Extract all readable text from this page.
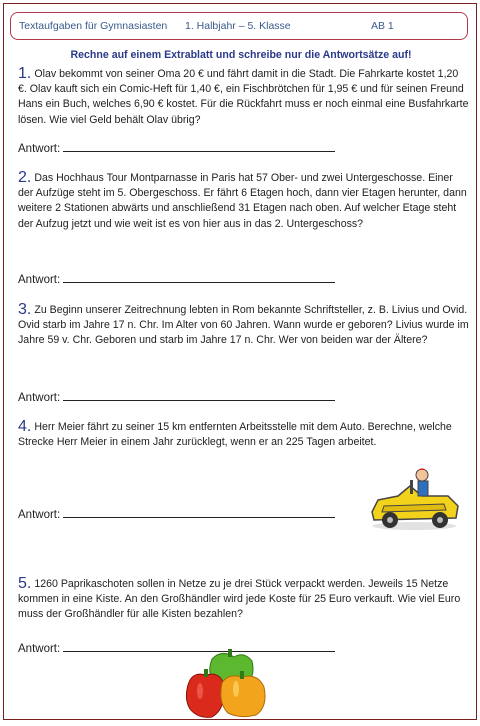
Textaufgaben für Gymnasiasten 1. Halbjahr – 5. Klasse	AB 1
Rechne auf einem Extrablatt und schreibe nur die Antwortsätze auf!
1. Olav bekommt von seiner Oma 20 € und fährt damit in die Stadt. Die Fahrkarte kostet 1,20 €. Olav kauft sich ein Comic-Heft für 1,40 €, ein Fischbrötchen für 1,95 € und für seinen Freund Hans ein Buch, welches 6,90 € kostet. Für die Rückfahrt muss er noch einmal eine Busfahrkarte lösen. Wie viel Geld behält Olav übrig?
Antwort:
2. Das Hochhaus Tour Montparnasse in Paris hat 57 Ober- und zwei Untergeschosse. Einer der Aufzüge steht im 5. Obergeschoss. Er fährt 6 Etagen hoch, dann vier Etagen herunter, dann weitere 2 Stationen abwärts und anschließend 31 Etagen nach oben. Auf welcher Etage steht der Aufzug jetzt und wie weit ist es von hier aus in das 2. Untergeschoss?
Antwort:
3. Zu Beginn unserer Zeitrechnung lebten in Rom bekannte Schriftsteller, z. B. Livius und Ovid. Ovid starb im Jahre 17 n. Chr. Im Alter von 60 Jahren. Wann wurde er geboren? Livius wurde im Jahre 59 v. Chr. Geboren und starb im Jahre 17 n. Chr. Wer von beiden war der Ältere?
Antwort:
4. Herr Meier fährt zu seiner 15 km entfernten Arbeitsstelle mit dem Auto. Berechne, welche Strecke Herr Meier in einem Jahr zurücklegt, wenn er an 225 Tagen arbeitet.
Antwort:
5. 1260 Paprikaschoten sollen in Netze zu je drei Stück verpackt werden. Jeweils 15 Netze kommen in eine Kiste. An den Großhändler wird jede Koste für 25 Euro verkauft. Wie viel Euro muss der Großhändler für alle Kisten bezahlen?
Antwort:
